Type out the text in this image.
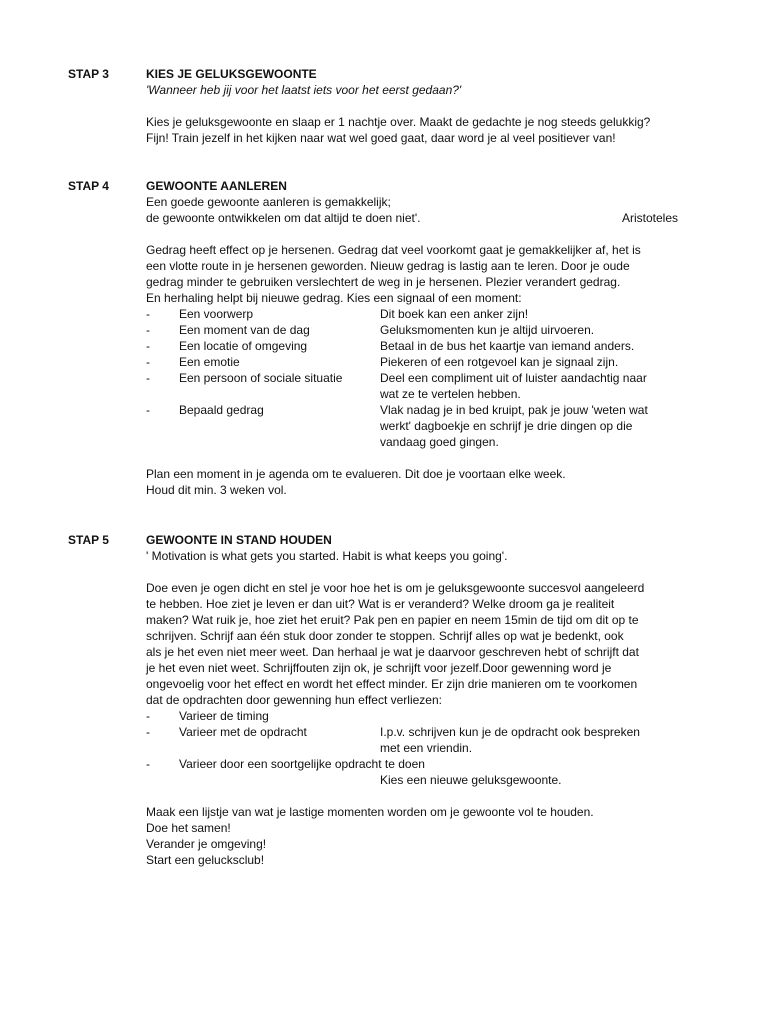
STAP 3	KIES JE GELUKSGEWOONTE
'Wanneer heb jij voor het laatst iets voor het eerst gedaan?'
Kies je geluksgewoonte en slaap er 1 nachtje over. Maakt de gedachte je nog steeds gelukkig?
Fijn! Train jezelf in het kijken naar wat wel goed gaat, daar word je al veel positiever van!
STAP 4	GEWOONTE AANLEREN
Een goede gewoonte aanleren is gemakkelijk;
de gewoonte ontwikkelen om dat altijd te doen niet'.	Aristoteles
Gedrag heeft effect op je hersenen. Gedrag dat veel voorkomt gaat je gemakkelijker af, het is
een vlotte route in je hersenen geworden. Nieuw gedrag is lastig aan te leren. Door je oude
gedrag minder te gebruiken verslechtert de weg in je hersenen. Plezier verandert gedrag.
En herhaling helpt bij nieuwe gedrag. Kies een signaal of een moment:
- Een voorwerp	Dit boek kan een anker zijn!
- Een moment van de dag	Geluksmomenten kun je altijd uirvoeren.
- Een locatie of omgeving	Betaal in de bus het kaartje van iemand anders.
- Een emotie	Piekeren of een rotgevoel kan je signaal zijn.
- Een persoon of sociale situatie	Deel een compliment uit of luister aandachtig naar
wat ze te vertelen hebben.
- Bepaald gedrag	Vlak nadag je in bed kruipt, pak je jouw 'weten wat
werkt' dagboekje en schrijf je drie dingen op die
vandaag goed gingen.
Plan een moment in je agenda om te evalueren. Dit doe je voortaan elke week.
Houd dit min. 3 weken vol.
STAP 5	GEWOONTE IN STAND HOUDEN
' Motivation is what gets you started. Habit is what keeps you going'.
Doe even je ogen dicht en stel je voor hoe het is om je geluksgewoonte succesvol aangeleerd
te hebben. Hoe ziet je leven er dan uit? Wat is er veranderd? Welke droom ga je realiteit
maken? Wat ruik je, hoe ziet het eruit? Pak pen en papier en neem 15min de tijd om dit op te
schrijven. Schrijf aan één stuk door zonder te stoppen. Schrijf alles op wat je bedenkt, ook
als je het even niet meer weet. Dan herhaal je wat je daarvoor geschreven hebt of schrijft dat
je het even niet weet. Schrijffouten zijn ok, je schrijft voor jezelf.Door gewenning word je
ongevoelig voor het effect en wordt het effect minder. Er zijn drie manieren om te voorkomen
dat de opdrachten door gewenning hun effect verliezen:
- Varieer de timing
- Varieer met de opdracht	I.p.v. schrijven kun je de opdracht ook bespreken
met een vriendin.
- Varieer door een soortgelijke opdracht te doen
Kies een nieuwe geluksgewoonte.
Maak een lijstje van wat je lastige momenten worden om je gewoonte vol te houden.
Doe het samen!
Verander je omgeving!
Start een gelucksclub!
